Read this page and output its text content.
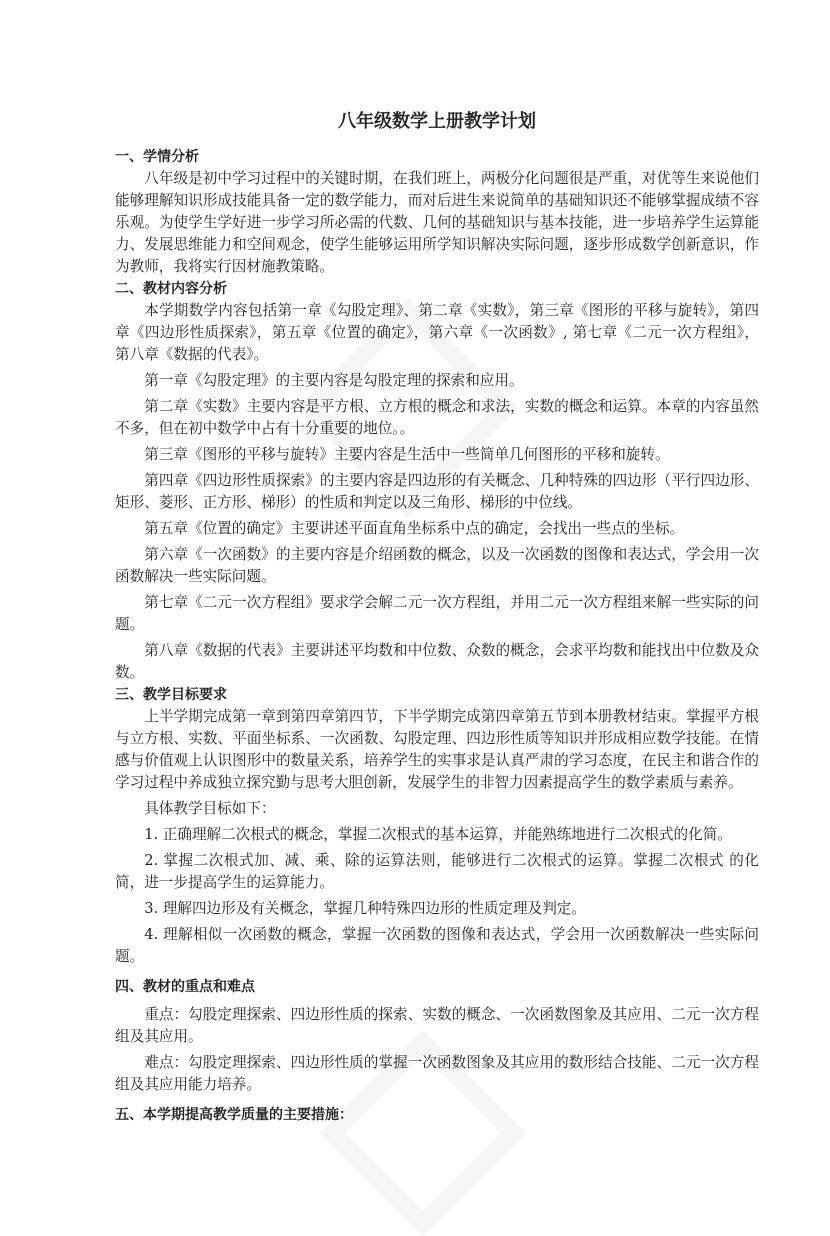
八年级数学上册教学计划
一、学情分析

八年级是初中学习过程中的关键时期，在我们班上，两极分化问题很是严重，对优等生来说他们能够理解知识形成技能具备一定的数学能力，而对后进生来说简单的基础知识还不能够掌握成绩不容乐观。为使学生学好进一步学习所必需的代数、几何的基础知识与基本技能，进一步培养学生运算能力、发展思维能力和空间观念，使学生能够运用所学知识解决实际问题，逐步形成数学创新意识，作为教师，我将实行因材施教策略。

二、教材内容分析

本学期数学内容包括第一章《勾股定理》、第二章《实数》，第三章《图形的平移与旋转》，第四章《四边形性质探索》，第五章《位置的确定》，第六章《一次函数》, 第七章《二元一次方程组》，第八章《数据的代表》。

第一章《勾股定理》的主要内容是勾股定理的探索和应用。

第二章《实数》主要内容是平方根、立方根的概念和求法，实数的概念和运算。本章的内容虽然不多，但在初中数学中占有十分重要的地位。。

第三章《图形的平移与旋转》主要内容是生活中一些简单几何图形的平移和旋转。

第四章《四边形性质探索》的主要内容是四边形的有关概念、几种特殊的四边形（平行四边形、矩形、菱形、正方形、梯形）的性质和判定以及三角形、梯形的中位线。

第五章《位置的确定》主要讲述平面直角坐标系中点的确定，会找出一些点的坐标。

第六章《一次函数》的主要内容是介绍函数的概念，以及一次函数的图像和表达式，学会用一次函数解决一些实际问题。

第七章《二元一次方程组》要求学会解二元一次方程组，并用二元一次方程组来解一些实际的问题。

第八章《数据的代表》主要讲述平均数和中位数、众数的概念，会求平均数和能找出中位数及众数。

三、教学目标要求

上半学期完成第一章到第四章第四节，下半学期完成第四章第五节到本册教材结束。掌握平方根与立方根、实数、平面坐标系、一次函数、勾股定理、四边形性质等知识并形成相应数学技能。在情感与价值观上认识图形中的数量关系，培养学生的实事求是认真严肃的学习态度，在民主和谐合作的学习过程中养成独立探究勤与思考大胆创新，发展学生的非智力因素提高学生的数学素质与素养。

具体教学目标如下：

1. 正确理解二次根式的概念，掌握二次根式的基本运算，并能熟练地进行二次根式的化简。

2. 掌握二次根式加、减、乘、除的运算法则，能够进行二次根式的运算。掌握二次根式 的化简，进一步提高学生的运算能力。

3. 理解四边形及有关概念，掌握几种特殊四边形的性质定理及判定。

4. 理解相似一次函数的概念，掌握一次函数的图像和表达式，学会用一次函数解决一些实际问题。

四、教材的重点和难点

重点：勾股定理探索、四边形性质的探索、实数的概念、一次函数图象及其应用、二元一次方程组及其应用。

难点：勾股定理探索、四边形性质的掌握一次函数图象及其应用的数形结合技能、二元一次方程组及其应用能力培养。

五、本学期提高教学质量的主要措施：
